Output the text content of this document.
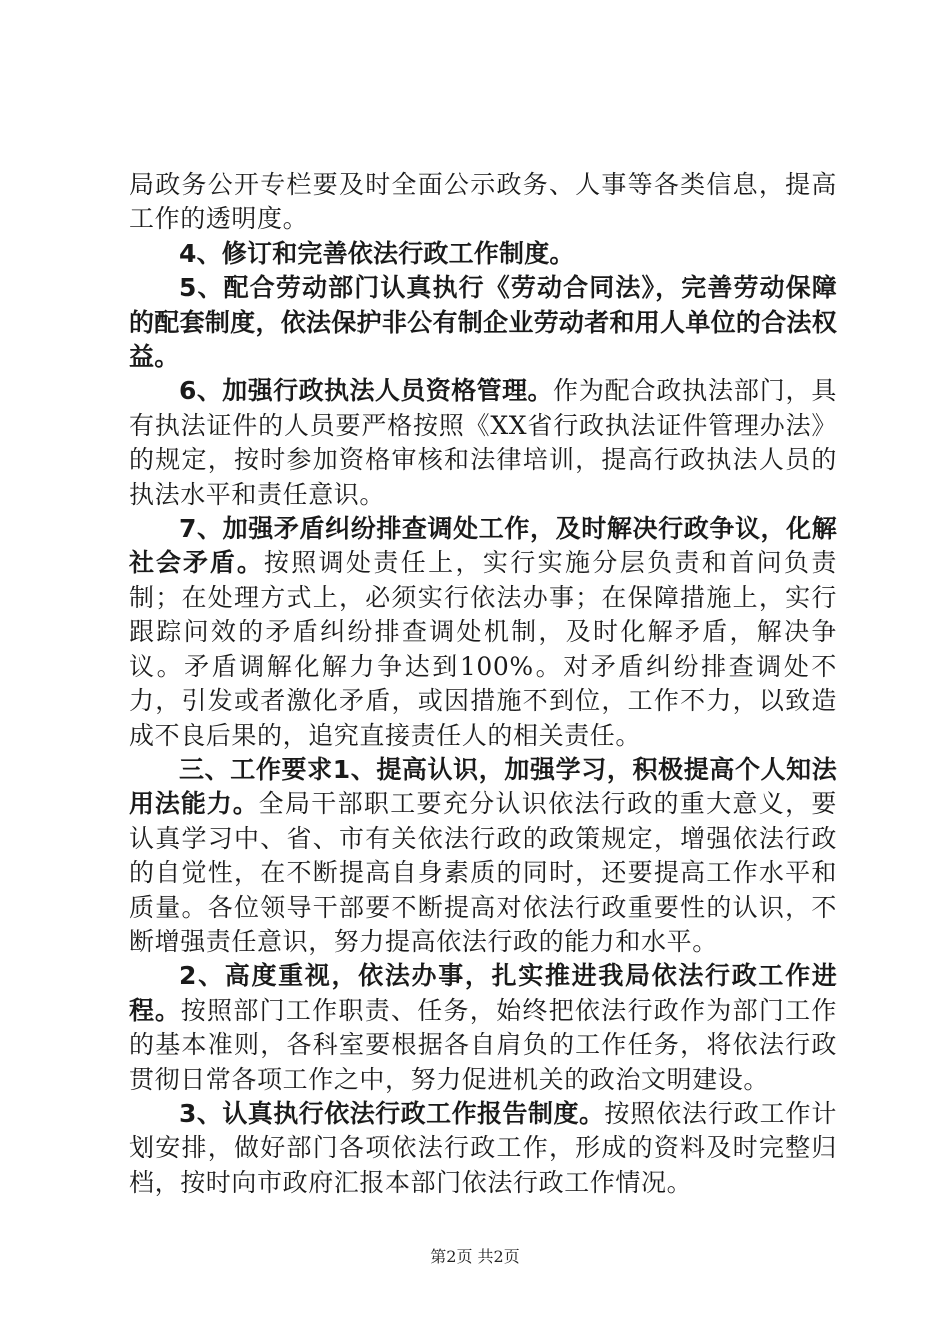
局政务公开专栏要及时全面公示政务、人事等各类信息，提高工作的透明度。

4、修订和完善依法行政工作制度。

5、配合劳动部门认真执行《劳动合同法》，完善劳动保障的配套制度，依法保护非公有制企业劳动者和用人单位的合法权益。

6、加强行政执法人员资格管理。作为配合政执法部门，具有执法证件的人员要严格按照《XX省行政执法证件管理办法》的规定，按时参加资格审核和法律培训，提高行政执法人员的执法水平和责任意识。

7、加强矛盾纠纷排查调处工作，及时解决行政争议，化解社会矛盾。按照调处责任上，实行实施分层负责和首问负责制；在处理方式上，必须实行依法办事；在保障措施上，实行跟踪问效的矛盾纠纷排查调处机制，及时化解矛盾，解决争议。矛盾调解化解力争达到100%。对矛盾纠纷排查调处不力，引发或者激化矛盾，或因措施不到位，工作不力，以致造成不良后果的，追究直接责任人的相关责任。

三、工作要求1、提高认识，加强学习，积极提高个人知法用法能力。全局干部职工要充分认识依法行政的重大意义，要认真学习中、省、市有关依法行政的政策规定，增强依法行政的自觉性，在不断提高自身素质的同时，还要提高工作水平和质量。各位领导干部要不断提高对依法行政重要性的认识，不断增强责任意识，努力提高依法行政的能力和水平。

2、高度重视，依法办事，扎实推进我局依法行政工作进程。按照部门工作职责、任务，始终把依法行政作为部门工作的基本准则，各科室要根据各自肩负的工作任务，将依法行政贯彻日常各项工作之中，努力促进机关的政治文明建设。

3、认真执行依法行政工作报告制度。按照依法行政工作计划安排，做好部门各项依法行政工作，形成的资料及时完整归档，按时向市政府汇报本部门依法行政工作情况。

第2页 共2页
